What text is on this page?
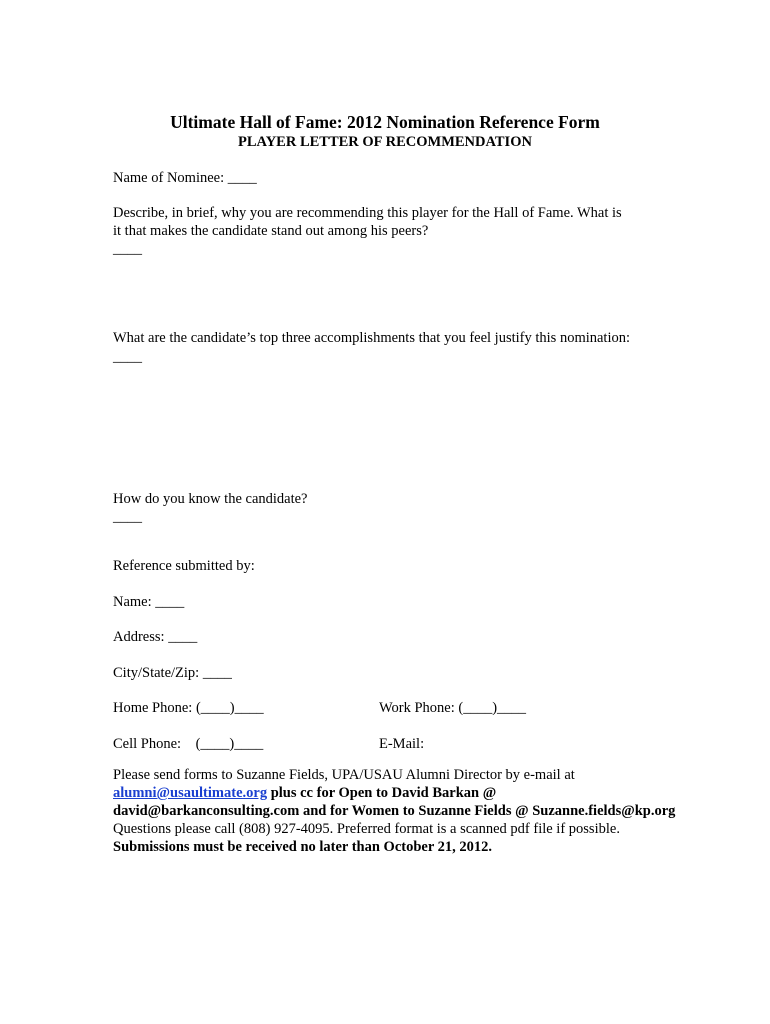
Ultimate Hall of Fame: 2012 Nomination Reference Form
PLAYER LETTER OF RECOMMENDATION
Name of Nominee: ____
Describe, in brief, why you are recommending this player for the Hall of Fame. What is
it that makes the candidate stand out among his peers?
____
What are the candidate’s top three accomplishments that you feel justify this nomination:
____
How do you know the candidate?
____
Reference submitted by:
Name: ____
Address: ____
City/State/Zip: ____
Home Phone: (____)____	Work Phone: (____)____
Cell Phone:    (____)____	E-Mail:
Please send forms to Suzanne Fields, UPA/USAU Alumni Director by e-mail at
alumni@usaultimate.org plus cc for Open to David Barkan @
david@barkanconsulting.com and for Women to Suzanne Fields @ Suzanne.fields@kp.org
Questions please call (808) 927-4095. Preferred format is a scanned pdf file if possible.
Submissions must be received no later than October 21, 2012.
